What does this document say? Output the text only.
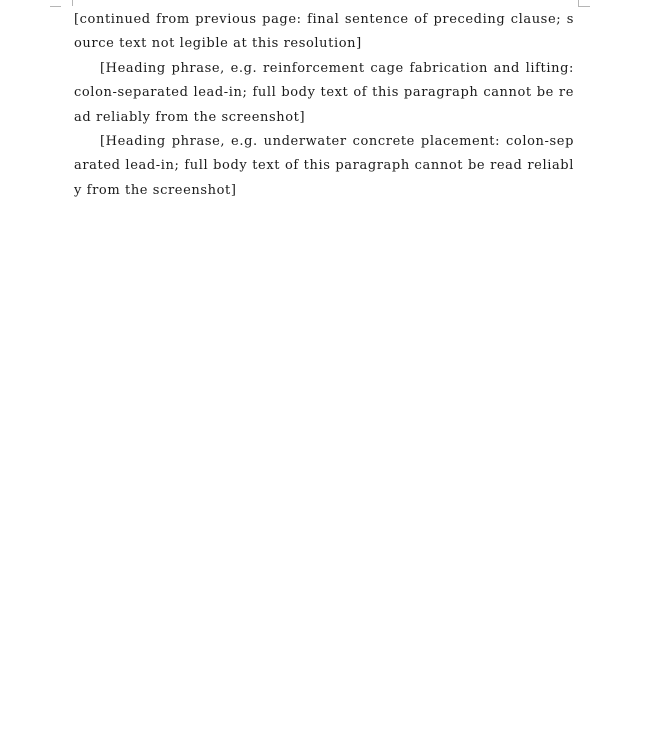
[continued from previous page: final sentence of preceding clause; source text not legible at this resolution]

[Heading phrase, e.g. reinforcement cage fabrication and lifting: colon-separated lead-in; full body text of this paragraph cannot be read reliably from the screenshot]

[Heading phrase, e.g. underwater concrete placement: colon-separated lead-in; full body text of this paragraph cannot be read reliably from the screenshot]
